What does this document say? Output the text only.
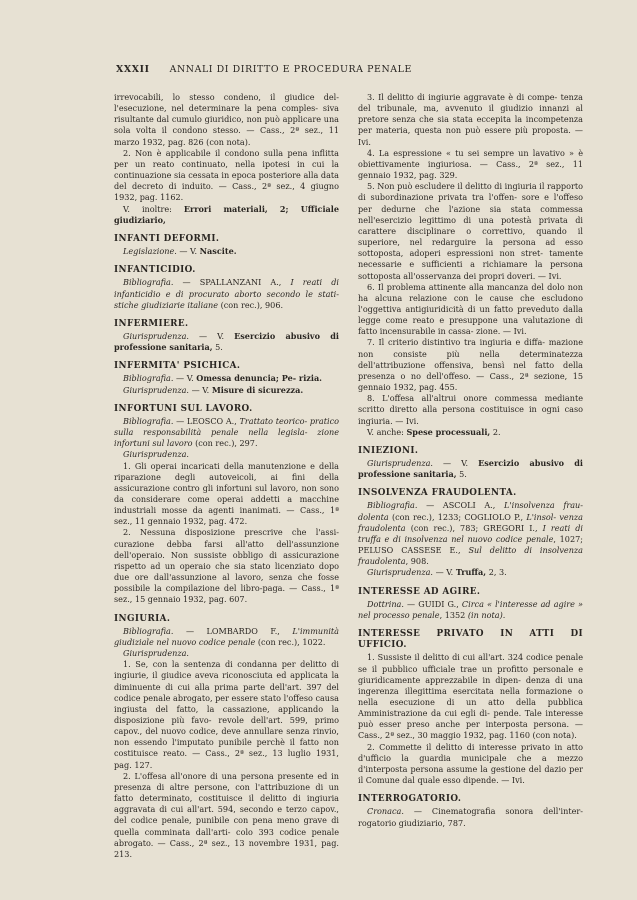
XXXII ANNALI DI DIRITTO E PROCEDURA PENALE

irrevocabili, lo stesso condeno, il giudice del- l'esecuzione, nel determinare la pena comples- siva risultante dal cumulo giuridico, non può applicare una sola volta il condono stesso. — Cass., 2ª sez., 11 marzo 1932, pag. 826 (con nota).

2. Non è applicabile il condono sulla pena inflitta per un reato continuato, nella ipotesi in cui la continuazione sia cessata in epoca posteriore alla data del decreto di induito. — Cass., 2ª sez., 4 giugno 1932, pag. 1162.

V. inoltre: Errori materiali, 2; Ufficiale giudiziario,

INFANTI DEFORMI.

Legislazione. — V. Nascite.

INFANTICIDIO.

Bibliografia. — SPALLANZANI A., I reati di infanticidio e di procurato aborto secondo le stati- stiche giudiziarie italiane (con rec.), 906.

INFERMIERE.

Giurisprudenza. — V. Esercizio abusivo di professione sanitaria, 5.

INFERMITA' PSICHICA.

Bibliografia. — V. Omessa denuncia; Pe- rizia.

Giurisprudenza. — V. Misure di sicurezza.

INFORTUNI SUL LAVORO.

Bibliografia. — LEOSCO A., Trattato teorico- pratico sulla responsabilità penale nella legisla- zione infortuni sul lavoro (con rec.), 297.

Giurisprudenza.

1. Gli operai incaricati della manutenzione e della riparazione degli autoveicoli, ai fini della assicurazione contro gli infortuni sul lavoro, non sono da considerare come operai addetti a macchine industriali mosse da agenti inanimati. — Cass., 1ª sez., 11 gennaio 1932, pag. 472.

2. Nessuna disposizione prescrive che l'assi- curazione debba farsi all'atto dell'assunzione dell'operaio. Non sussiste obbligo di assicurazione rispetto ad un operaio che sia stato licenziato dopo due ore dall'assunzione al lavoro, senza che fosse possibile la compilazione del libro-paga. — Cass., 1ª sez., 15 gennaio 1932, pag. 607.

INGIURIA.

Bibliografia. — LOMBARDO F., L'immunità giudiziale nel nuovo codice penale (con rec.), 1022.

Giurisprudenza.

1. Se, con la sentenza di condanna per delitto di ingiurie, il giudice aveva riconosciuta ed applicata la diminuente di cui alla prima parte dell'art. 397 del codice penale abrogato, per essere stato l'offeso causa ingiusta del fatto, la cassazione, applicando la disposizione più favo- revole dell'art. 599, primo capov., del nuovo codice, deve annullare senza rinvio, non essendo l'imputato punibile perchè il fatto non costituisce reato. — Cass., 2ª sez., 13 luglio 1931, pag. 127.

2. L'offesa all'onore di una persona presente ed in presenza di altre persone, con l'attribuzione di un fatto determinato, costituisce il delitto di ingiuria aggravata di cui all'art. 594, secondo e terzo capov., del codice penale, punibile con pena meno grave di quella comminata dall'arti- colo 393 codice penale abrogato. — Cass., 2ª sez., 13 novembre 1931, pag. 213.

3. Il delitto di ingiurie aggravate è di compe- tenza del tribunale, ma, avvenuto il giudizio innanzi al pretore senza che sia stata eccepita la incompetenza per materia, questa non può essere più proposta. — Ivi.

4. La espressione « tu sei sempre un lavativo » è obiettivamente ingiuriosa. — Cass., 2ª sez., 11 gennaio 1932, pag. 329.

5. Non può escludere il delitto di ingiuria il rapporto di subordinazione privata tra l'offen- sore e l'offeso per dedurne che l'azione sia stata commessa nell'esercizio legittimo di una potestà privata di carattere disciplinare o correttivo, quando il superiore, nel redarguire la persona ad esso sottoposta, adoperi espressioni non stret- tamente necessarie e sufficienti a richiamare la persona sottoposta all'osservanza dei propri doveri. — Ivi.

6. Il problema attinente alla mancanza del dolo non ha alcuna relazione con le cause che escludono l'oggettiva antigiuridicità di un fatto preveduto dalla legge come reato e presuppone una valutazione di fatto incensurabile in cassa- zione. — Ivi.

7. Il criterio distintivo tra ingiuria e diffa- mazione non consiste più nella determinatezza dell'attribuzione offensiva, bensì nel fatto della presenza o no dell'offeso. — Cass., 2ª sezione, 15 gennaio 1932, pag. 455.

8. L'offesa all'altrui onore commessa mediante scritto diretto alla persona costituisce in ogni caso ingiuria. — Ivi.

V. anche: Spese processuali, 2.

INIEZIONI.

Giurisprudenza. — V. Esercizio abusivo di professione sanitaria, 5.

INSOLVENZA FRAUDOLENTA.

Bibliografia. — ASCOLI A., L'insolvenza frau- dolenta (con rec.), 1233; COGLIOLO P., L'insol- venza fraudolenta (con rec.), 783; GREGORI I., I reati di truffa e di insolvenza nel nuovo codice penale, 1027; PELUSO CASSESE E., Sul delitto di insolvenza fraudolenta, 908.

Giurisprudenza. — V. Truffa, 2, 3.

INTERESSE AD AGIRE.

Dottrina. — GUIDI G., Circa « l'interesse ad agire » nel processo penale, 1352 (in nota).

INTERESSE PRIVATO IN ATTI DI UFFICIO.

1. Sussiste il delitto di cui all'art. 324 codice penale se il pubblico ufficiale trae un profitto personale e giuridicamente apprezzabile in dipen- denza di una ingerenza illegittima esercitata nella formazione o nella esecuzione di un atto della pubblica Amministrazione da cui egli di- pende. Tale interesse può esser preso anche per interposta persona. — Cass., 2ª sez., 30 maggio 1932, pag. 1160 (con nota).

2. Commette il delitto di interesse privato in atto d'ufficio la guardia municipale che a mezzo d'interposta persona assume la gestione del dazio per il Comune dal quale esso dipende. — Ivi.

INTERROGATORIO.

Cronaca. — Cinematografia sonora dell'inter- rogatorio giudiziario, 787.
